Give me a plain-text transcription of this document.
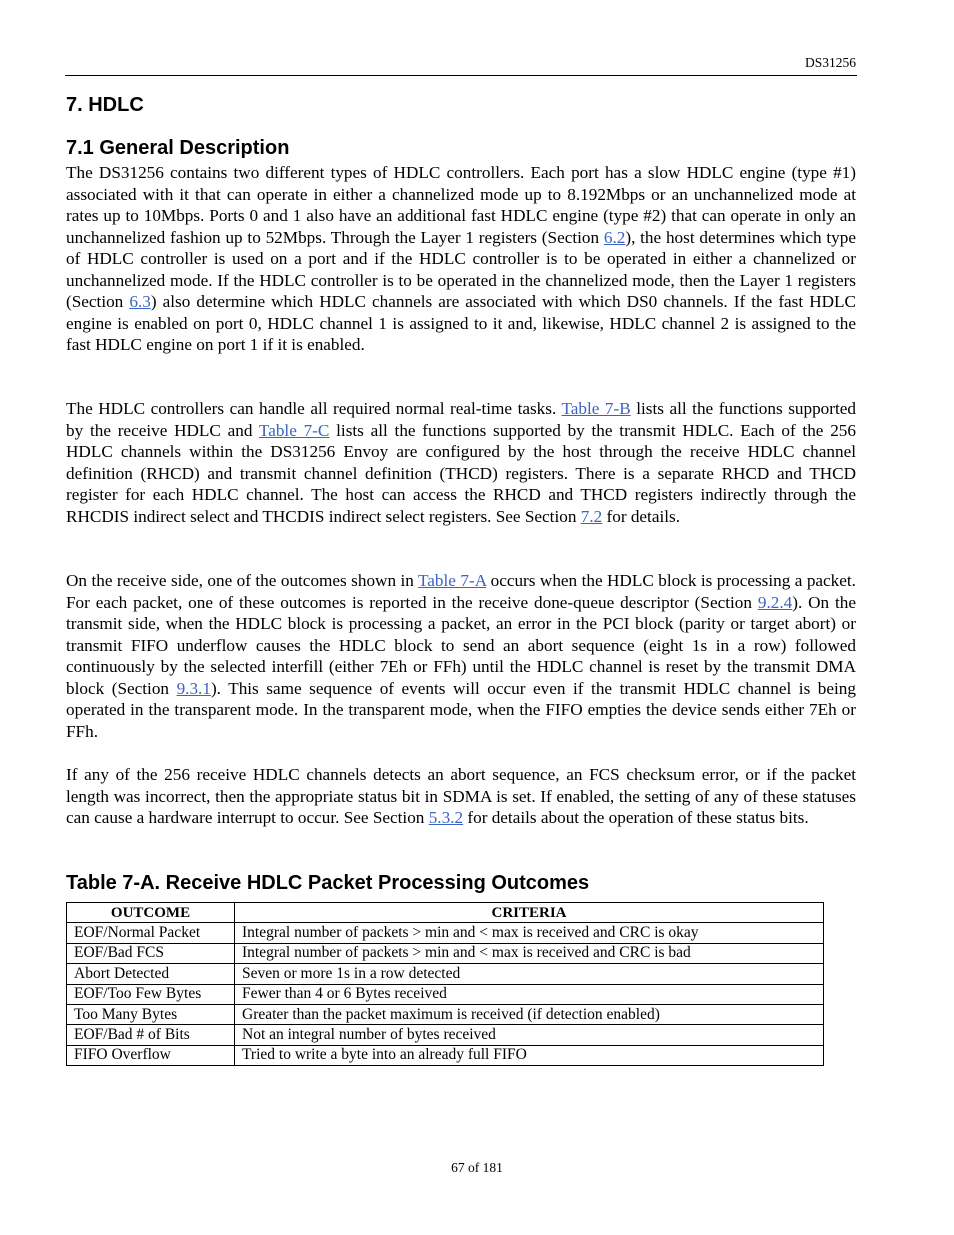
DS31256
7. HDLC
7.1 General Description

The DS31256 contains two different types of HDLC controllers. Each port has a slow HDLC engine (type #1) associated with it that can operate in either a channelized mode up to 8.192Mbps or an unchannelized mode at rates up to 10Mbps. Ports 0 and 1 also have an additional fast HDLC engine (type #2) that can operate in only an unchannelized fashion up to 52Mbps. Through the Layer 1 registers (Section 6.2), the host determines which type of HDLC controller is used on a port and if the HDLC controller is to be operated in either a channelized or unchannelized mode. If the HDLC controller is to be operated in the channelized mode, then the Layer 1 registers (Section 6.3) also determine which HDLC channels are associated with which DS0 channels. If the fast HDLC engine is enabled on port 0, HDLC channel 1 is assigned to it and, likewise, HDLC channel 2 is assigned to the fast HDLC engine on port 1 if it is enabled.

The HDLC controllers can handle all required normal real-time tasks. Table 7-B lists all the functions supported by the receive HDLC and Table 7-C lists all the functions supported by the transmit HDLC. Each of the 256 HDLC channels within the DS31256 Envoy are configured by the host through the receive HDLC channel definition (RHCD) and transmit channel definition (THCD) registers. There is a separate RHCD and THCD register for each HDLC channel. The host can access the RHCD and THCD registers indirectly through the RHCDIS indirect select and THCDIS indirect select registers. See Section 7.2 for details.

On the receive side, one of the outcomes shown in Table 7-A occurs when the HDLC block is processing a packet. For each packet, one of these outcomes is reported in the receive done-queue descriptor (Section 9.2.4). On the transmit side, when the HDLC block is processing a packet, an error in the PCI block (parity or target abort) or transmit FIFO underflow causes the HDLC block to send an abort sequence (eight 1s in a row) followed continuously by the selected interfill (either 7Eh or FFh) until the HDLC channel is reset by the transmit DMA block (Section 9.3.1). This same sequence of events will occur even if the transmit HDLC channel is being operated in the transparent mode. In the transparent mode, when the FIFO empties the device sends either 7Eh or FFh.

If any of the 256 receive HDLC channels detects an abort sequence, an FCS checksum error, or if the packet length was incorrect, then the appropriate status bit in SDMA is set. If enabled, the setting of any of these statuses can cause a hardware interrupt to occur. See Section 5.3.2 for details about the operation of these status bits.

Table 7-A. Receive HDLC Packet Processing Outcomes
OUTCOME	CRITERIA
EOF/Normal Packet	Integral number of packets > min and < max is received and CRC is okay
EOF/Bad FCS	Integral number of packets > min and < max is received and CRC is bad
Abort Detected	Seven or more 1s in a row detected
EOF/Too Few Bytes	Fewer than 4 or 6 Bytes received
Too Many Bytes	Greater than the packet maximum is received (if detection enabled)
EOF/Bad # of Bits	Not an integral number of bytes received
FIFO Overflow	Tried to write a byte into an already full FIFO
67 of 181
